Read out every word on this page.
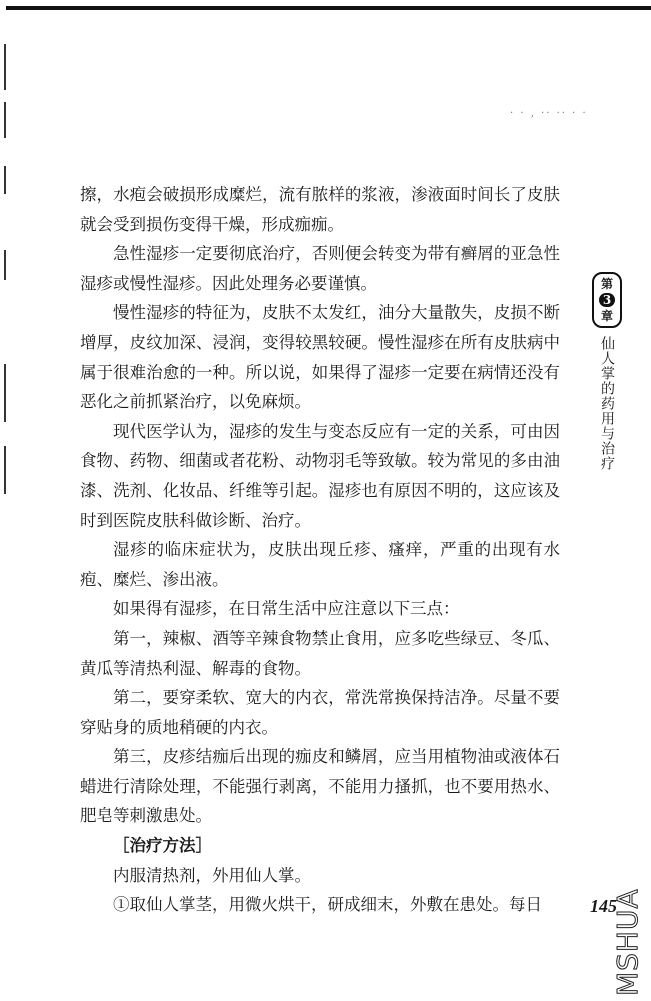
· · , ·· ·· · ·

擦，水疱会破损形成糜烂，流有脓样的浆液，渗液面时间长了皮肤就会受到损伤变得干燥，形成痂痂。

急性湿疹一定要彻底治疗，否则便会转变为带有癣屑的亚急性湿疹或慢性湿疹。因此处理务必要谨慎。

慢性湿疹的特征为，皮肤不太发红，油分大量散失，皮损不断增厚，皮纹加深、浸润，变得较黑较硬。慢性湿疹在所有皮肤病中属于很难治愈的一种。所以说，如果得了湿疹一定要在病情还没有恶化之前抓紧治疗，以免麻烦。

现代医学认为，湿疹的发生与变态反应有一定的关系，可由因食物、药物、细菌或者花粉、动物羽毛等致敏。较为常见的多由油漆、洗剂、化妆品、纤维等引起。湿疹也有原因不明的，这应该及时到医院皮肤科做诊断、治疗。

湿疹的临床症状为，皮肤出现丘疹、瘙痒，严重的出现有水疱、糜烂、渗出液。

如果得有湿疹，在日常生活中应注意以下三点：

第一，辣椒、酒等辛辣食物禁止食用，应多吃些绿豆、冬瓜、黄瓜等清热利湿、解毒的食物。

第二，要穿柔软、宽大的内衣，常洗常换保持洁净。尽量不要穿贴身的质地稍硬的内衣。

第三，皮疹结痂后出现的痂皮和鳞屑，应当用植物油或液体石蜡进行清除处理，不能强行剥离，不能用力搔抓，也不要用热水、肥皂等刺激患处。

［治疗方法］

内服清热剂，外用仙人掌。

①取仙人掌茎，用微火烘干，研成细末，外敷在患处。每日

第
3
章
仙人掌的药用与治疗
145
MSHUA
